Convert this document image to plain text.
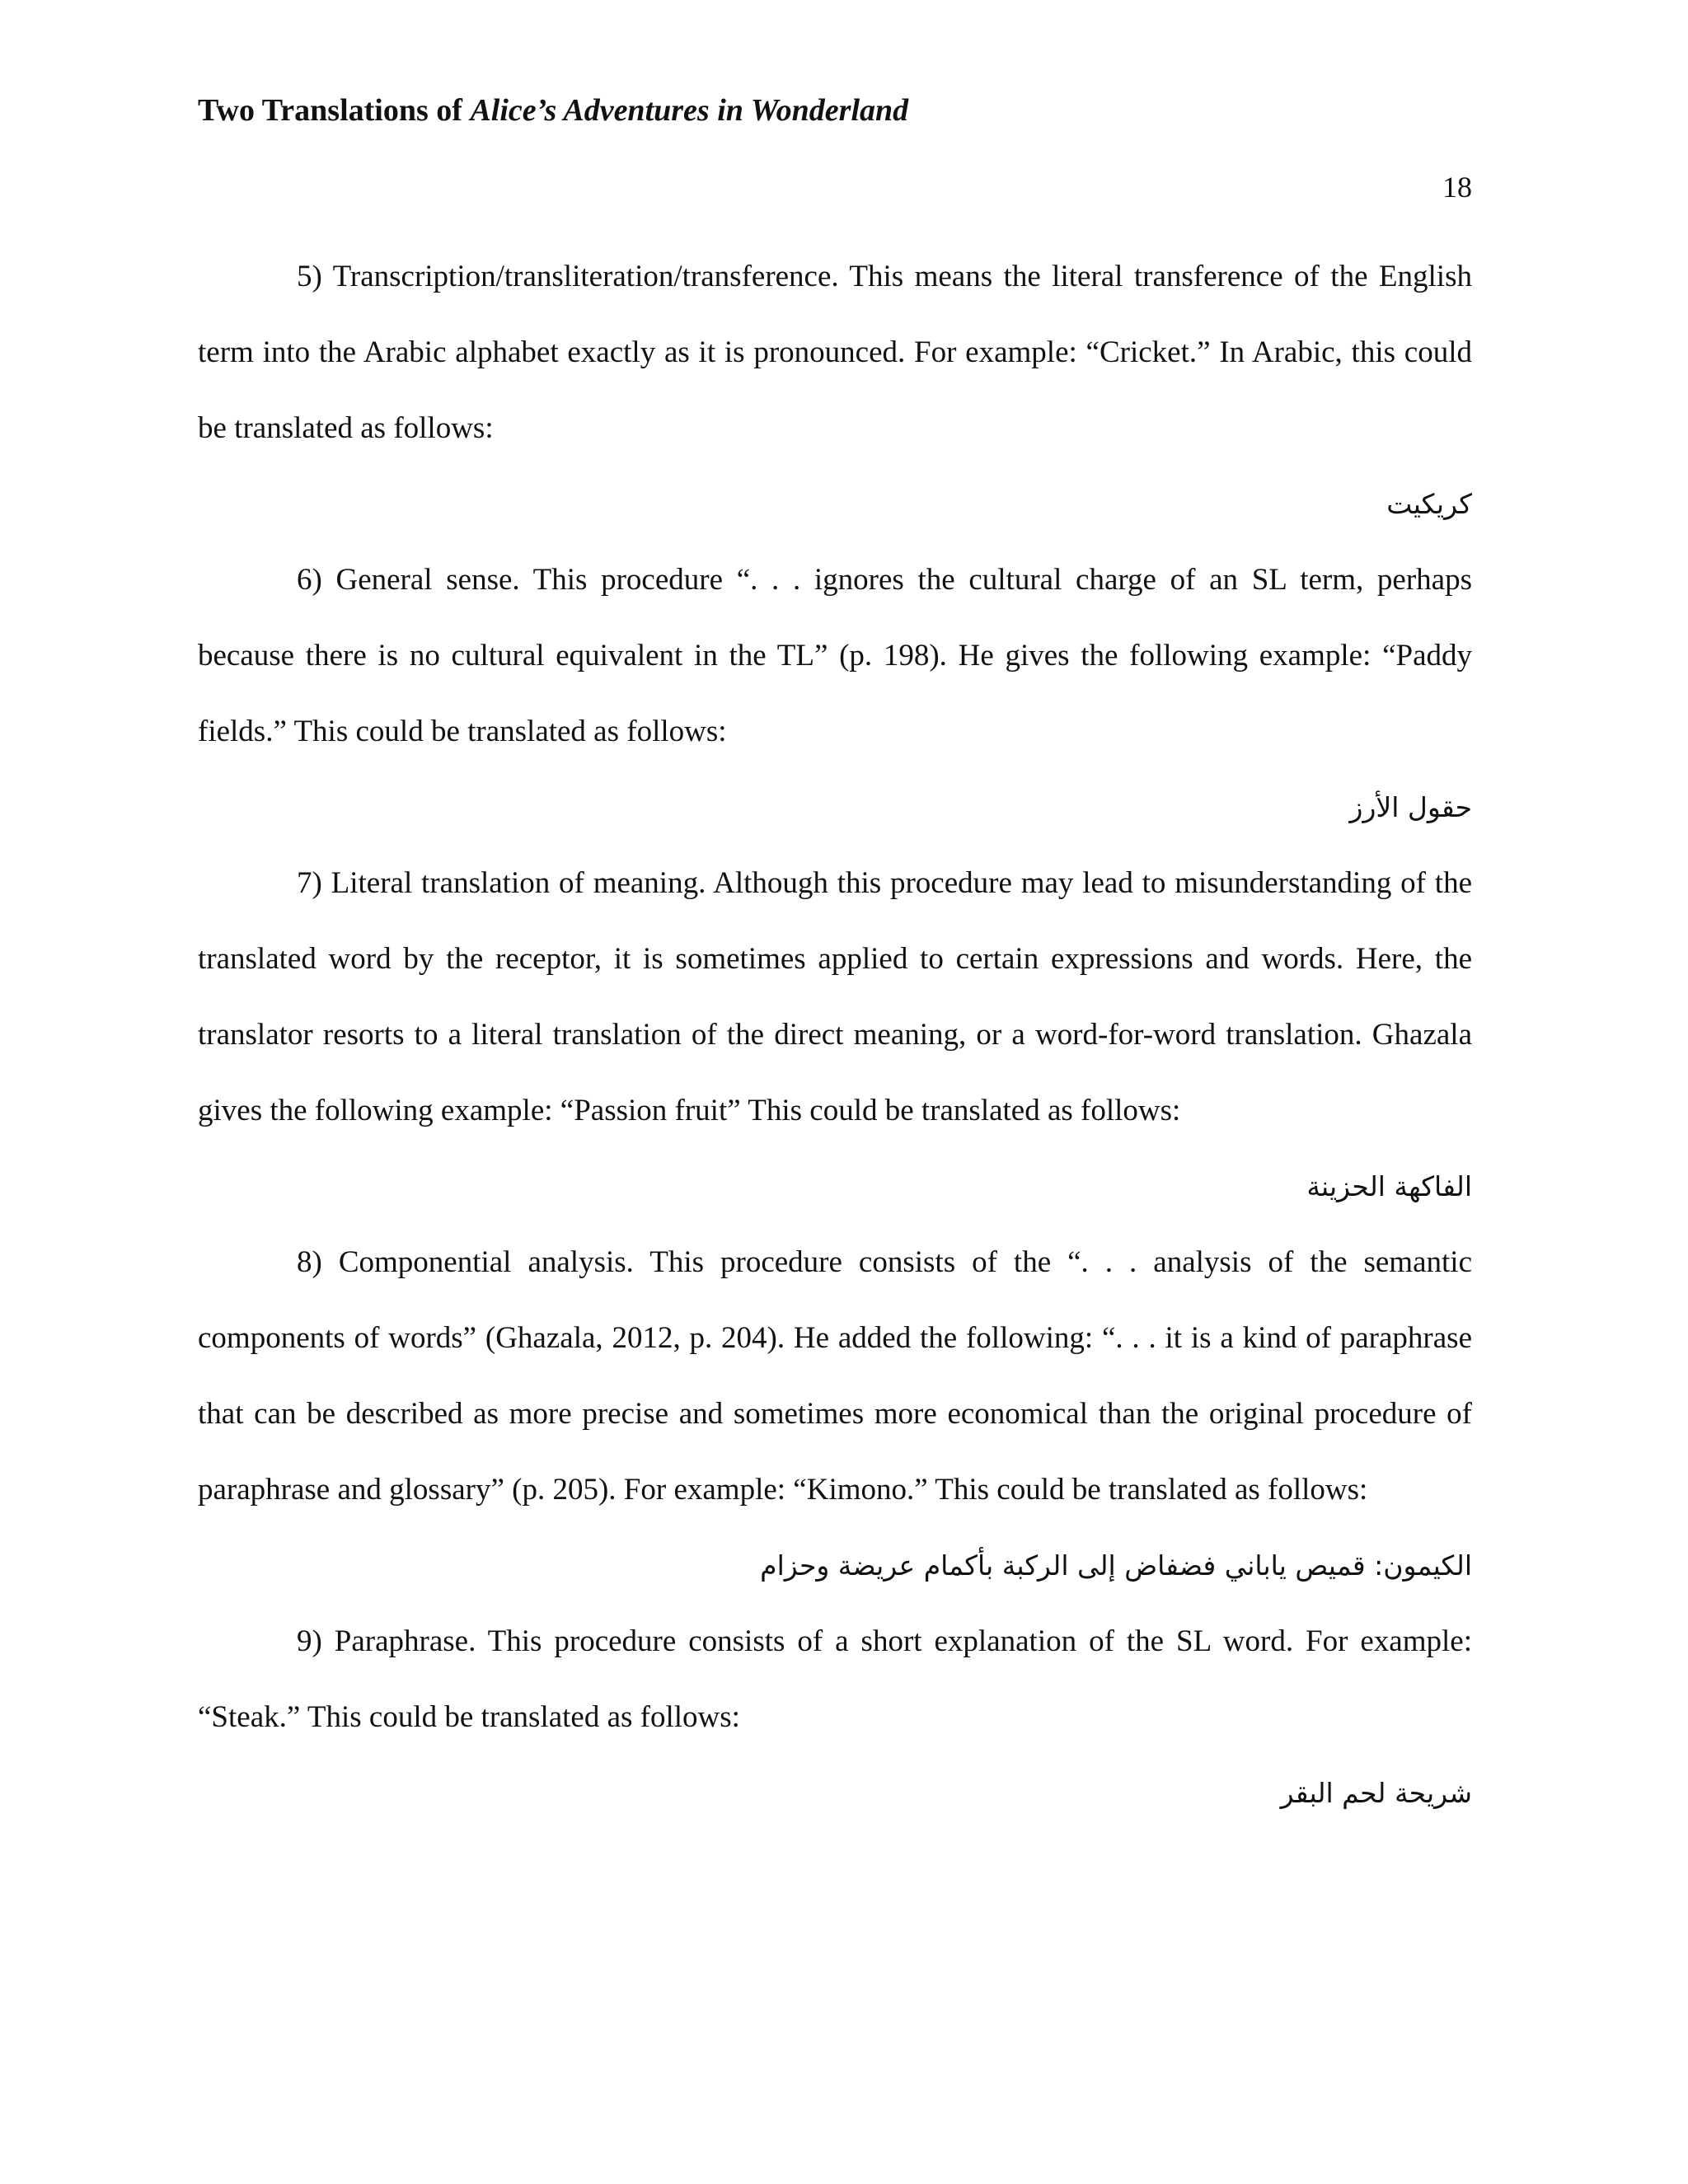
Two Translations of Alice’s Adventures in Wonderland
18

5) Transcription/transliteration/transference. This means the literal transference of the English term into the Arabic alphabet exactly as it is pronounced. For example: “Cricket.” In Arabic, this could be translated as follows:

كريكيت

6) General sense. This procedure “. . . ignores the cultural charge of an SL term, perhaps because there is no cultural equivalent in the TL” (p. 198). He gives the following example: “Paddy fields.” This could be translated as follows:

حقول الأرز

7) Literal translation of meaning. Although this procedure may lead to misunderstanding of the translated word by the receptor, it is sometimes applied to certain expressions and words. Here, the translator resorts to a literal translation of the direct meaning, or a word-for-word translation. Ghazala gives the following example: “Passion fruit” This could be translated as follows:

الفاكهة الحزينة

8) Componential analysis. This procedure consists of the “. . . analysis of the semantic components of words” (Ghazala, 2012, p. 204). He added the following: “. . . it is a kind of paraphrase that can be described as more precise and sometimes more economical than the original procedure of paraphrase and glossary” (p. 205). For example: “Kimono.” This could be translated as follows:

الكيمون: قميص ياباني فضفاض إلى الركبة بأكمام عريضة وحزام

9) Paraphrase. This procedure consists of a short explanation of the SL word. For example: “Steak.” This could be translated as follows:

شريحة لحم البقر
